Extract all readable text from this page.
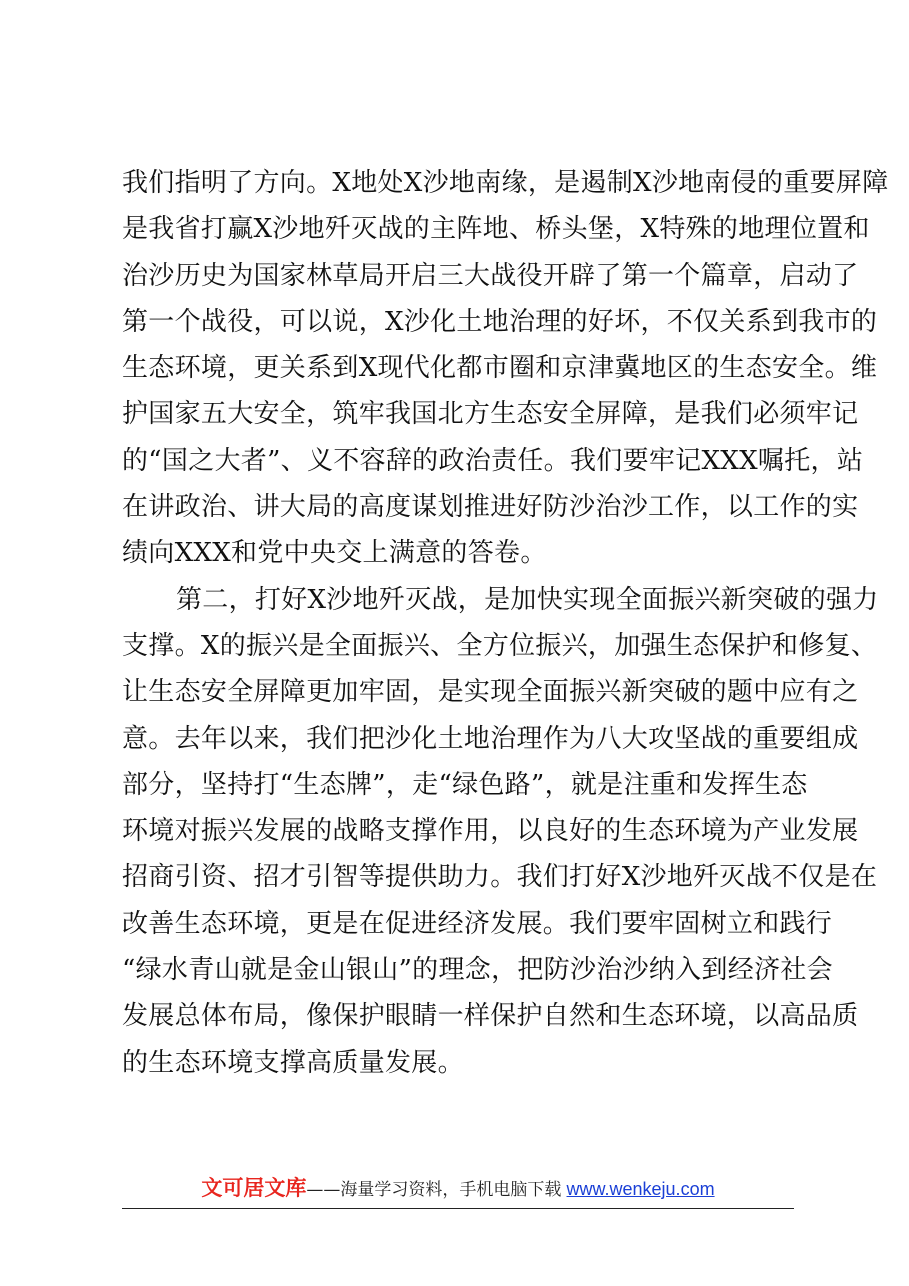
我们指明了方向。X地处X沙地南缘，是遏制X沙地南侵的重要屏障
是我省打赢X沙地歼灭战的主阵地、桥头堡，X特殊的地理位置和
治沙历史为国家林草局开启三大战役开辟了第一个篇章，启动了
第一个战役，可以说，X沙化土地治理的好坏，不仅关系到我市的
生态环境，更关系到X现代化都市圈和京津冀地区的生态安全。维
护国家五大安全，筑牢我国北方生态安全屏障，是我们必须牢记
的“国之大者”、义不容辞的政治责任。我们要牢记XXX嘱托，站
在讲政治、讲大局的高度谋划推进好防沙治沙工作，以工作的实
绩向XXX和党中央交上满意的答卷。
第二，打好X沙地歼灭战，是加快实现全面振兴新突破的强力
支撑。X的振兴是全面振兴、全方位振兴，加强生态保护和修复、
让生态安全屏障更加牢固，是实现全面振兴新突破的题中应有之
意。去年以来，我们把沙化土地治理作为八大攻坚战的重要组成
部分，坚持打“生态牌”，走“绿色路”，就是注重和发挥生态
环境对振兴发展的战略支撑作用，以良好的生态环境为产业发展
招商引资、招才引智等提供助力。我们打好X沙地歼灭战不仅是在
改善生态环境，更是在促进经济发展。我们要牢固树立和践行
“绿水青山就是金山银山”的理念，把防沙治沙纳入到经济社会
发展总体布局，像保护眼睛一样保护自然和生态环境，以高品质
的生态环境支撑高质量发展。
文可居文库——海量学习资料，手机电脑下载 www.wenkeju.com
